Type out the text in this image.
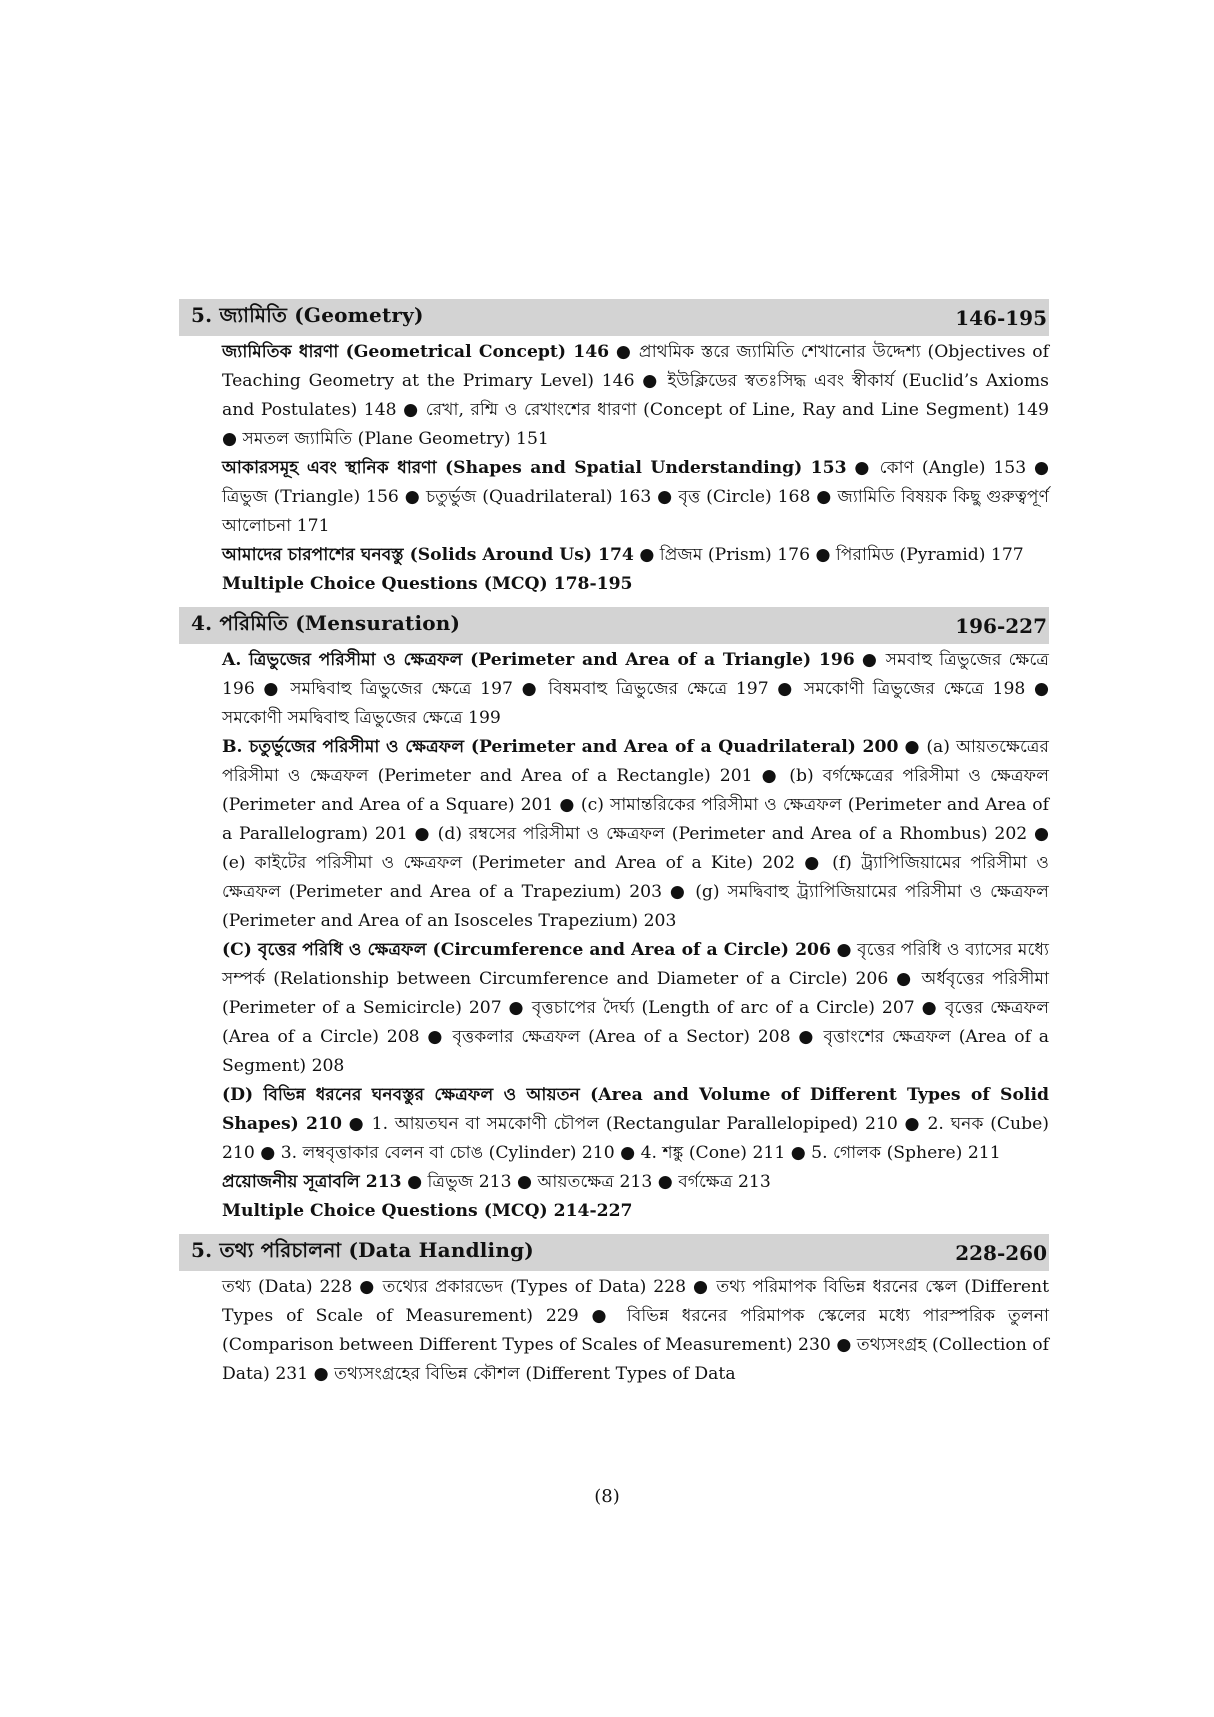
5. জ্যামিতি (Geometry)	146-195

জ্যামিতিক ধারণা (Geometrical Concept) 146 ● প্রাথমিক স্তরে জ্যামিতি শেখানোর উদ্দেশ্য (Objectives of Teaching Geometry at the Primary Level) 146 ● ইউক্লিডের স্বতঃসিদ্ধ এবং স্বীকার্য (Euclid’s Axioms and Postulates) 148 ● রেখা, রশ্মি ও রেখাংশের ধারণা (Concept of Line, Ray and Line Segment) 149 ● সমতল জ্যামিতি (Plane Geometry) 151

আকারসমূহ এবং স্থানিক ধারণা (Shapes and Spatial Understanding) 153 ● কোণ (Angle) 153 ● ত্রিভুজ (Triangle) 156 ● চতুর্ভুজ (Quadrilateral) 163 ● বৃত্ত (Circle) 168 ● জ্যামিতি বিষয়ক কিছু গুরুত্বপূর্ণ আলোচনা 171

আমাদের চারপাশের ঘনবস্তু (Solids Around Us) 174 ● প্রিজম (Prism) 176 ● পিরামিড (Pyramid) 177

Multiple Choice Questions (MCQ) 178-195

4. পরিমিতি (Mensuration)	196-227

A. ত্রিভুজের পরিসীমা ও ক্ষেত্রফল (Perimeter and Area of a Triangle) 196 ● সমবাহু ত্রিভুজের ক্ষেত্রে 196 ● সমদ্বিবাহু ত্রিভুজের ক্ষেত্রে 197 ● বিষমবাহু ত্রিভুজের ক্ষেত্রে 197 ● সমকোণী ত্রিভুজের ক্ষেত্রে 198 ● সমকোণী সমদ্বিবাহু ত্রিভুজের ক্ষেত্রে 199

B. চতুর্ভুজের পরিসীমা ও ক্ষেত্রফল (Perimeter and Area of a Quadrilateral) 200 ● (a) আয়তক্ষেত্রের পরিসীমা ও ক্ষেত্রফল (Perimeter and Area of a Rectangle) 201 ● (b) বর্গক্ষেত্রের পরিসীমা ও ক্ষেত্রফল (Perimeter and Area of a Square) 201 ● (c) সামান্তরিকের পরিসীমা ও ক্ষেত্রফল (Perimeter and Area of a Parallelogram) 201 ● (d) রম্বসের পরিসীমা ও ক্ষেত্রফল (Perimeter and Area of a Rhombus) 202 ● (e) কাইটের পরিসীমা ও ক্ষেত্রফল (Perimeter and Area of a Kite) 202 ● (f) ট্র্যাপিজিয়ামের পরিসীমা ও ক্ষেত্রফল (Perimeter and Area of a Trapezium) 203 ● (g) সমদ্বিবাহু ট্র্যাপিজিয়ামের পরিসীমা ও ক্ষেত্রফল (Perimeter and Area of an Isosceles Trapezium) 203

(C) বৃত্তের পরিধি ও ক্ষেত্রফল (Circumference and Area of a Circle) 206 ● বৃত্তের পরিধি ও ব্যাসের মধ্যে সম্পর্ক (Relationship between Circumference and Diameter of a Circle) 206 ● অর্ধবৃত্তের পরিসীমা (Perimeter of a Semicircle) 207 ● বৃত্তচাপের দৈর্ঘ্য (Length of arc of a Circle) 207 ● বৃত্তের ক্ষেত্রফল (Area of a Circle) 208 ● বৃত্তকলার ক্ষেত্রফল (Area of a Sector) 208 ● বৃত্তাংশের ক্ষেত্রফল (Area of a Segment) 208

(D) বিভিন্ন ধরনের ঘনবস্তুর ক্ষেত্রফল ও আয়তন (Area and Volume of Different Types of Solid Shapes) 210 ● 1. আয়তঘন বা সমকোণী চৌপল (Rectangular Parallelopiped) 210 ● 2. ঘনক (Cube) 210 ● 3. লম্ববৃত্তাকার বেলন বা চোঙ (Cylinder) 210 ● 4. শঙ্কু (Cone) 211 ● 5. গোলক (Sphere) 211

প্রয়োজনীয় সূত্রাবলি 213 ● ত্রিভুজ 213 ● আয়তক্ষেত্র 213 ● বর্গক্ষেত্র 213

Multiple Choice Questions (MCQ) 214-227

5. তথ্য পরিচালনা (Data Handling)	228-260

তথ্য (Data) 228 ● তথ্যের প্রকারভেদ (Types of Data) 228 ● তথ্য পরিমাপক বিভিন্ন ধরনের স্কেল (Different Types of Scale of Measurement) 229 ● বিভিন্ন ধরনের পরিমাপক স্কেলের মধ্যে পারস্পরিক তুলনা (Comparison between Different Types of Scales of Measurement) 230 ● তথ্যসংগ্রহ (Collection of Data) 231 ● তথ্যসংগ্রহের বিভিন্ন কৌশল (Different Types of Data

(8)
